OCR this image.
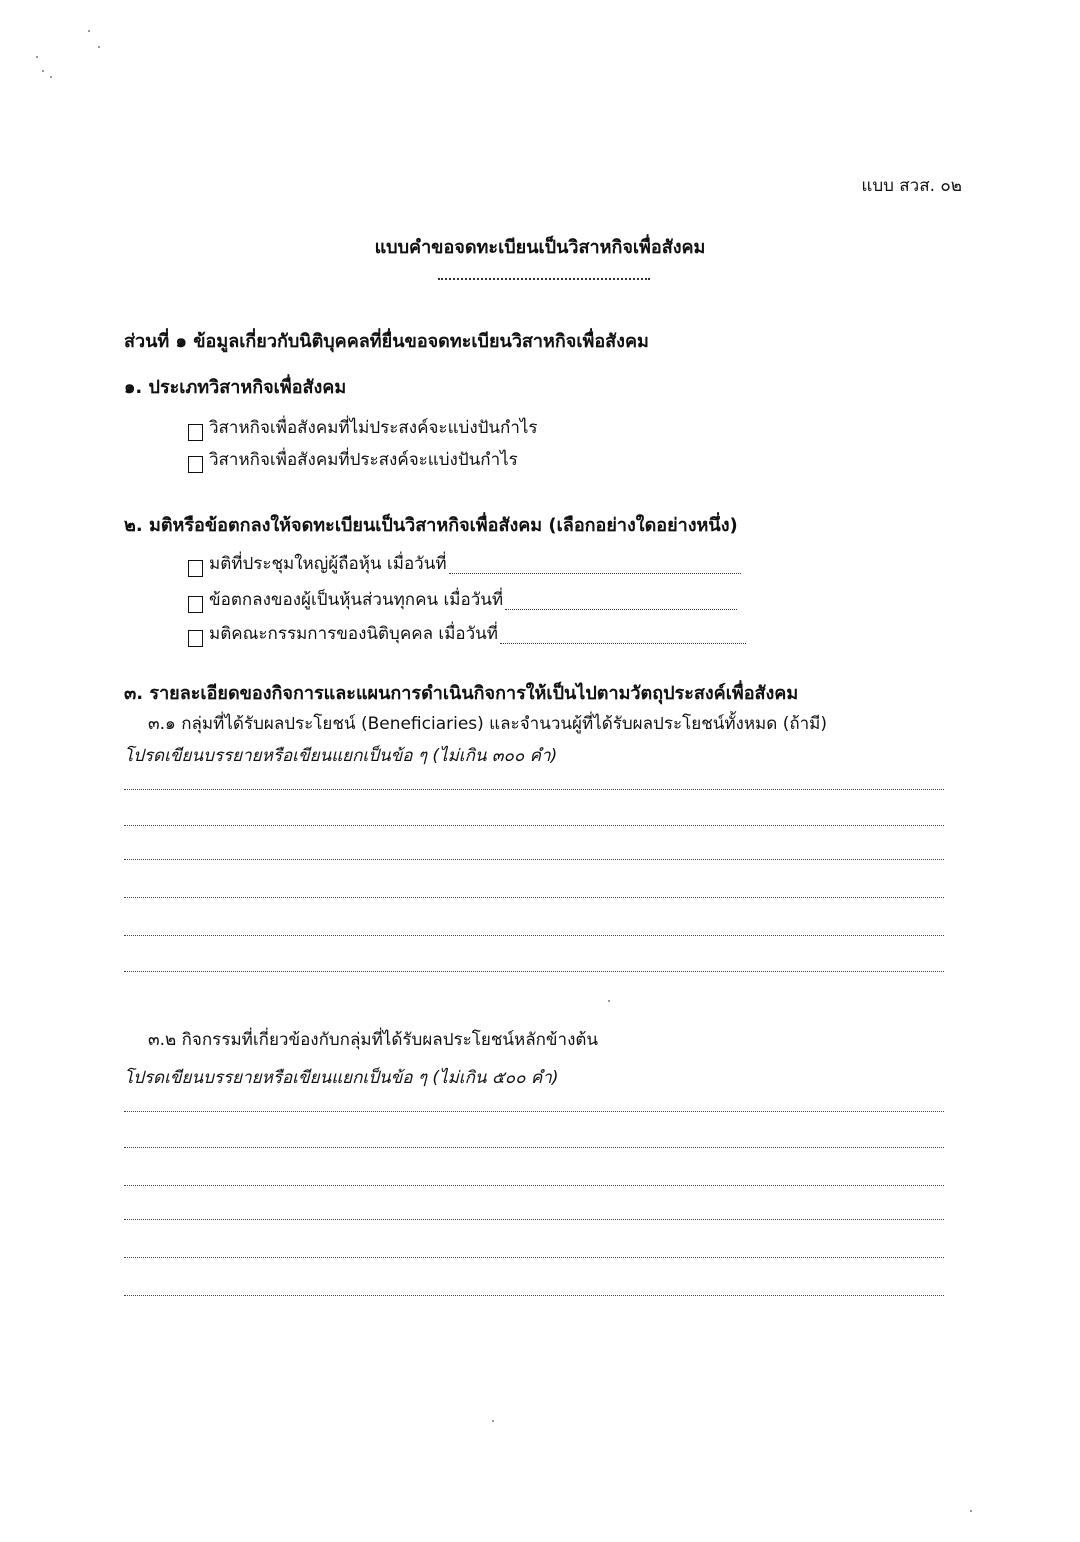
แบบ สวส. ๐๒
แบบคำขอจดทะเบียนเป็นวิสาหกิจเพื่อสังคม
ส่วนที่ ๑ ข้อมูลเกี่ยวกับนิติบุคคลที่ยื่นขอจดทะเบียนวิสาหกิจเพื่อสังคม
๑. ประเภทวิสาหกิจเพื่อสังคม
วิสาหกิจเพื่อสังคมที่ไม่ประสงค์จะแบ่งปันกำไร
วิสาหกิจเพื่อสังคมที่ประสงค์จะแบ่งปันกำไร
๒. มติหรือข้อตกลงให้จดทะเบียนเป็นวิสาหกิจเพื่อสังคม (เลือกอย่างใดอย่างหนึ่ง)
มติที่ประชุมใหญ่ผู้ถือหุ้น เมื่อวันที่
ข้อตกลงของผู้เป็นหุ้นส่วนทุกคน เมื่อวันที่
มติคณะกรรมการของนิติบุคคล เมื่อวันที่
๓. รายละเอียดของกิจการและแผนการดำเนินกิจการให้เป็นไปตามวัตถุประสงค์เพื่อสังคม
๓.๑ กลุ่มที่ได้รับผลประโยชน์ (Beneficiaries) และจำนวนผู้ที่ได้รับผลประโยชน์ทั้งหมด (ถ้ามี)
โปรดเขียนบรรยายหรือเขียนแยกเป็นข้อ ๆ (ไม่เกิน ๓๐๐ คำ)
๓.๒ กิจกรรมที่เกี่ยวข้องกับกลุ่มที่ได้รับผลประโยชน์หลักข้างต้น
โปรดเขียนบรรยายหรือเขียนแยกเป็นข้อ ๆ (ไม่เกิน ๕๐๐ คำ)
